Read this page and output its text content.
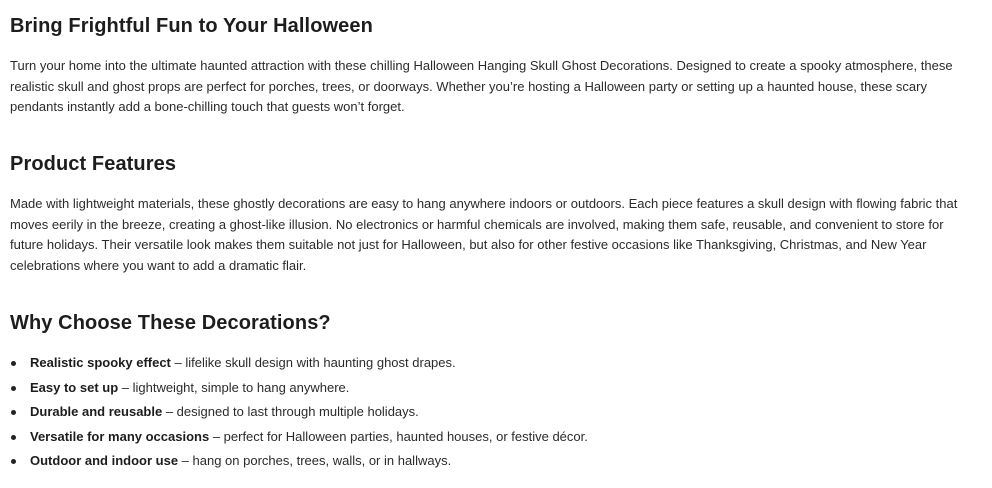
Bring Frightful Fun to Your Halloween

Turn your home into the ultimate haunted attraction with these chilling Halloween Hanging Skull Ghost Decorations. Designed to create a spooky atmosphere, these realistic skull and ghost props are perfect for porches, trees, or doorways. Whether you’re hosting a Halloween party or setting up a haunted house, these scary pendants instantly add a bone-chilling touch that guests won’t forget.

Product Features

Made with lightweight materials, these ghostly decorations are easy to hang anywhere indoors or outdoors. Each piece features a skull design with flowing fabric that moves eerily in the breeze, creating a ghost-like illusion. No electronics or harmful chemicals are involved, making them safe, reusable, and convenient to store for future holidays. Their versatile look makes them suitable not just for Halloween, but also for other festive occasions like Thanksgiving, Christmas, and New Year celebrations where you want to add a dramatic flair.

Why Choose These Decorations?
Realistic spooky effect – lifelike skull design with haunting ghost drapes.
Easy to set up – lightweight, simple to hang anywhere.
Durable and reusable – designed to last through multiple holidays.
Versatile for many occasions – perfect for Halloween parties, haunted houses, or festive décor.
Outdoor and indoor use – hang on porches, trees, walls, or in hallways.
